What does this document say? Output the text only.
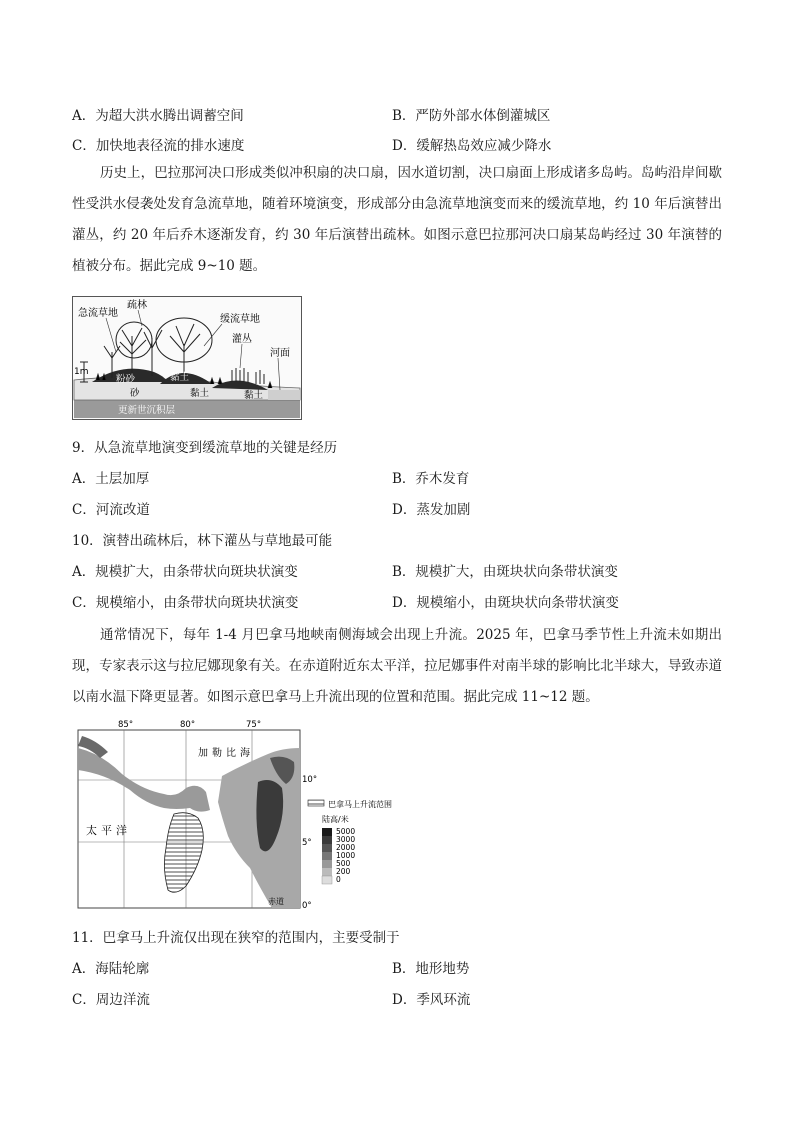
A．为超大洪水腾出调蓄空间	B．严防外部水体倒灌城区
C．加快地表径流的排水速度	D．缓解热岛效应减少降水
历史上，巴拉那河决口形成类似冲积扇的决口扇，因水道切割，决口扇面上形成诸多岛屿。岛屿沿岸间歇性受洪水侵袭处发育急流草地，随着环境演变，形成部分由急流草地演变而来的缓流草地，约 10 年后演替出灌丛，约 20 年后乔木逐渐发育，约 30 年后演替出疏林。如图示意巴拉那河决口扇某岛屿经过 30 年演替的植被分布。据此完成 9~10 题。
急流草地
疏林
缓流草地
灌丛
河面
1m
粉砂	黏土
砂	黏土	黏土
更新世沉积层
9．从急流草地演变到缓流草地的关键是经历
A．土层加厚	B．乔木发育
C．河流改道	D．蒸发加剧
10．演替出疏林后，林下灌丛与草地最可能
A．规模扩大，由条带状向斑块状演变	B．规模扩大，由斑块状向条带状演变
C．规模缩小，由条带状向斑块状演变	D．规模缩小，由斑块状向条带状演变
通常情况下，每年 1-4 月巴拿马地峡南侧海域会出现上升流。2025 年，巴拿马季节性上升流未如期出现，专家表示这与拉尼娜现象有关。在赤道附近东太平洋，拉尼娜事件对南半球的影响比北半球大，导致赤道以南水温下降更显著。如图示意巴拿马上升流出现的位置和范围。据此完成 11~12 题。
赤道
85°	80°	75°
10°
5°
0°
加勒比海
太平洋
巴拿马上升流范围
陆高/米
5000
3000
2000
1000
500
200
0
11．巴拿马上升流仅出现在狭窄的范围内，主要受制于
A．海陆轮廓	B．地形地势
C．周边洋流	D．季风环流
